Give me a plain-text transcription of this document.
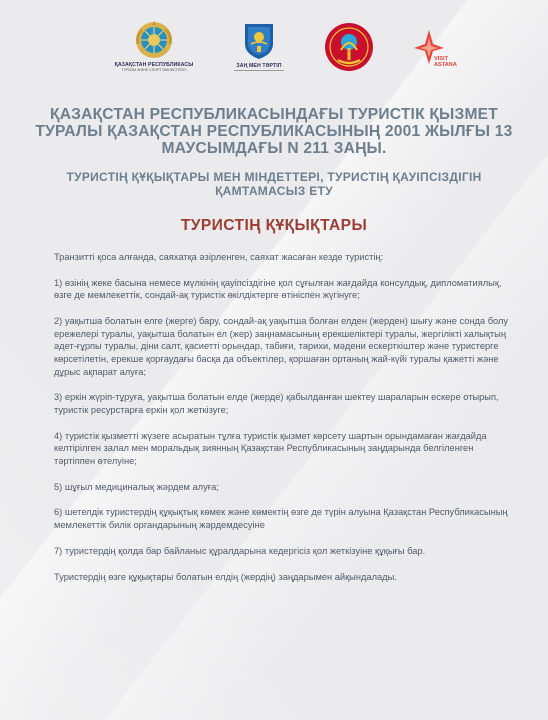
ҚАЗАҚСТАН РЕСПУБЛИКАСЫ
ТУРИЗМ ЖӘНЕ СПОРТ МИНИСТРЛІГІ
ЗАҢ МЕН ТӘРТІП
VISIT
ASTANA
ҚАЗАҚСТАН РЕСПУБЛИКАСЫНДАҒЫ ТУРИСТІК ҚЫЗМЕТ ТУРАЛЫ ҚАЗАҚСТАН РЕСПУБЛИКАСЫНЫҢ 2001 ЖЫЛҒЫ 13 МАУСЫМДАҒЫ N 211 ЗАҢЫ.
ТУРИСТІҢ ҚҰҚЫҚТАРЫ МЕН МІНДЕТТЕРІ, ТУРИСТІҢ ҚАУІПСІЗДІГІН ҚАМТАМАСЫЗ ЕТУ
ТУРИСТІҢ ҚҰҚЫҚТАРЫ

Транзитті қоса алғанда, саяхатқа әзірленген, саяхат жасаған кезде туристің:

1) өзінің жеке басына немесе мүлкінің қауіпсіздігіне қол сұғылған жағдайда консулдық, дипломатиялық, өзге де мемлекеттік, сондай-ақ туристік өкілдіктерге өтініспен жүгінуге;

2) уақытша болатын елге (жерге) бару, сондай-ақ уақытша болған елден (жерден) шығу және сонда болу ережелері туралы, уақытша болатын ел (жер) заңнамасының ерекшеліктері туралы, жергілікті халықтың әдет-ғұрпы туралы, діни салт, қасиетті орындар, табиғи, тарихи, мәдени ескерткіштер және туристерге көрсетілетін, ерекше қорғаудағы басқа да объектілер, қоршаған ортаның жай-күйі туралы қажетті және дұрыс ақпарат алуға;

3) еркін жүріп-тұруға, уақытша болатын елде (жерде) қабылданған шектеу шараларын ескере отырып, туристік ресурстарға еркін қол жеткізуге;

4) туристік қызметті жүзеге асыратын тұлға туристік қызмет көрсету шартын орындамаған жағдайда келтірілген залал мен моральдық зиянның Қазақстан Республикасының заңдарында белгіленген тәртіппен өтелуіне;

5) шұғыл медициналық жәрдем алуға;

6) шетелдік туристердің құқықтық көмек және көмектің өзге де түрін алуына Қазақстан Республикасының мемлекеттік билік органдарының жәрдемдесуіне

7) туристердің қолда бар байланыс құралдарына кедергісіз қол жеткізуіне құқығы бар.

Туристердің өзге құқықтары болатын елдің (жердің) заңдарымен айқындалады.
